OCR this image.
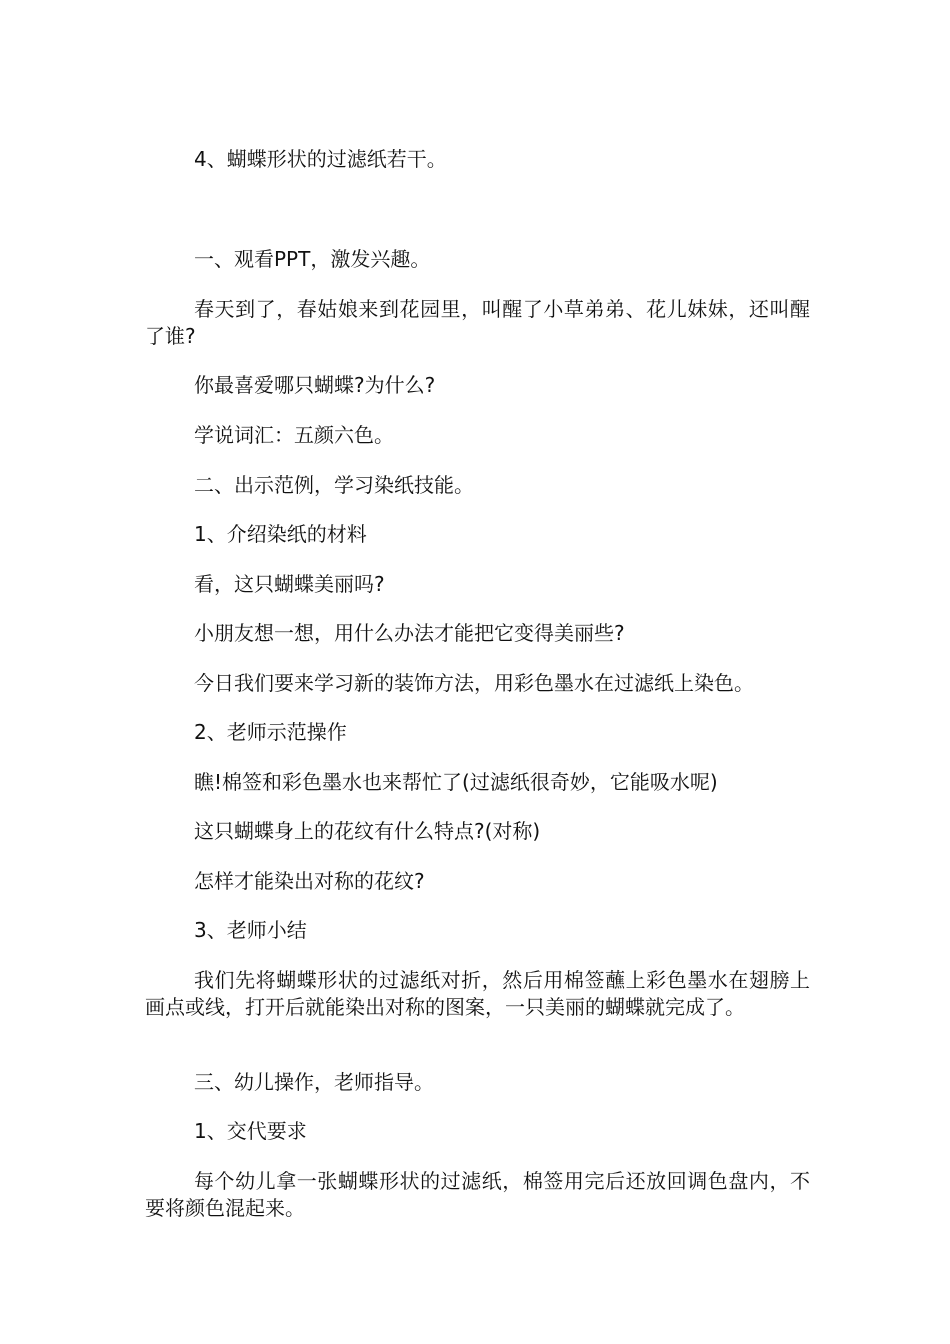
4、蝴蝶形状的过滤纸若干。

一、观看PPT，激发兴趣。

春天到了，春姑娘来到花园里，叫醒了小草弟弟、花儿妹妹，还叫醒了谁?

你最喜爱哪只蝴蝶?为什么?

学说词汇：五颜六色。

二、出示范例，学习染纸技能。

1、介绍染纸的材料

看，这只蝴蝶美丽吗?

小朋友想一想，用什么办法才能把它变得美丽些?

今日我们要来学习新的装饰方法，用彩色墨水在过滤纸上染色。

2、老师示范操作

瞧!棉签和彩色墨水也来帮忙了(过滤纸很奇妙，它能吸水呢)

这只蝴蝶身上的花纹有什么特点?(对称)

怎样才能染出对称的花纹?

3、老师小结

我们先将蝴蝶形状的过滤纸对折，然后用棉签蘸上彩色墨水在翅膀上画点或线，打开后就能染出对称的图案，一只美丽的蝴蝶就完成了。

三、幼儿操作，老师指导。

1、交代要求

每个幼儿拿一张蝴蝶形状的过滤纸，棉签用完后还放回调色盘内，不要将颜色混起来。
